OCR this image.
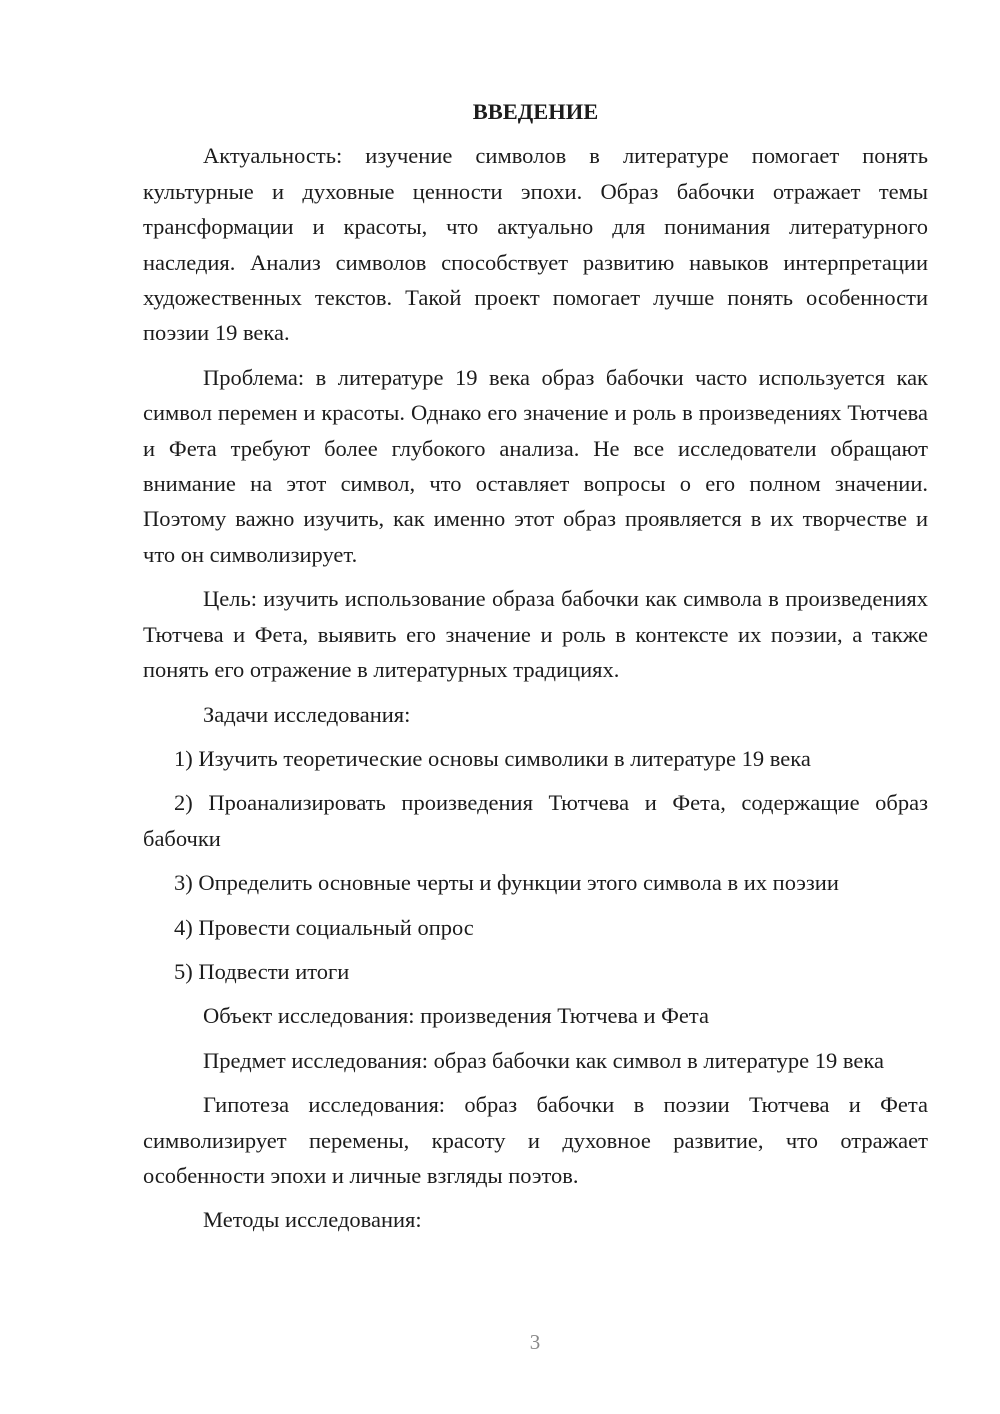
ВВЕДЕНИЕ

Актуальность: изучение символов в литературе помогает понять культурные и духовные ценности эпохи. Образ бабочки отражает темы трансформации и красоты, что актуально для понимания литературного наследия. Анализ символов способствует развитию навыков интерпретации художественных текстов. Такой проект помогает лучше понять особенности поэзии 19 века.

Проблема: в литературе 19 века образ бабочки часто используется как символ перемен и красоты. Однако его значение и роль в произведениях Тютчева и Фета требуют более глубокого анализа. Не все исследователи обращают внимание на этот символ, что оставляет вопросы о его полном значении. Поэтому важно изучить, как именно этот образ проявляется в их творчестве и что он символизирует.

Цель: изучить использование образа бабочки как символа в произведениях Тютчева и Фета, выявить его значение и роль в контексте их поэзии, а также понять его отражение в литературных традициях.

Задачи исследования:

1) Изучить теоретические основы символики в литературе 19 века

2) Проанализировать произведения Тютчева и Фета, содержащие образ бабочки

3) Определить основные черты и функции этого символа в их поэзии

4) Провести социальный опрос

5) Подвести итоги

Объект исследования: произведения Тютчева и Фета

Предмет исследования: образ бабочки как символ в литературе 19 века

Гипотеза исследования: образ бабочки в поэзии Тютчева и Фета символизирует перемены, красоту и духовное развитие, что отражает особенности эпохи и личные взгляды поэтов.

Методы исследования:

3
